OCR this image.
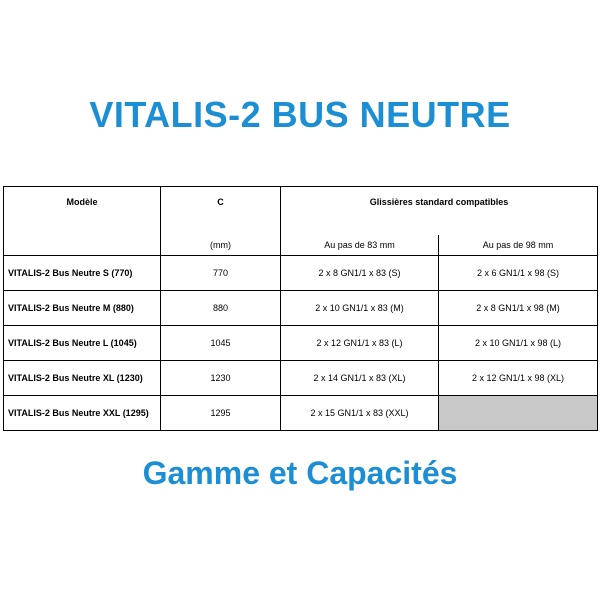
VITALIS-2 BUS NEUTRE
Modèle	C	Glissières standard compatibles	
	(mm)	Au pas de 83 mm	Au pas de 98 mm
VITALIS-2 Bus Neutre S (770)	770	2 x 8 GN1/1 x 83 (S)	2 x 6 GN1/1 x 98 (S)
VITALIS-2 Bus Neutre M (880)	880	2 x 10 GN1/1 x 83 (M)	2 x 8 GN1/1 x 98 (M)
VITALIS-2 Bus Neutre L (1045)	1045	2 x 12 GN1/1 x 83 (L)	2 x 10 GN1/1 x 98 (L)
VITALIS-2 Bus Neutre XL (1230)	1230	2 x 14 GN1/1 x 83 (XL)	2 x 12 GN1/1 x 98 (XL)
VITALIS-2 Bus Neutre XXL (1295)	1295	2 x 15 GN1/1 x 83 (XXL)	
Gamme et Capacités
